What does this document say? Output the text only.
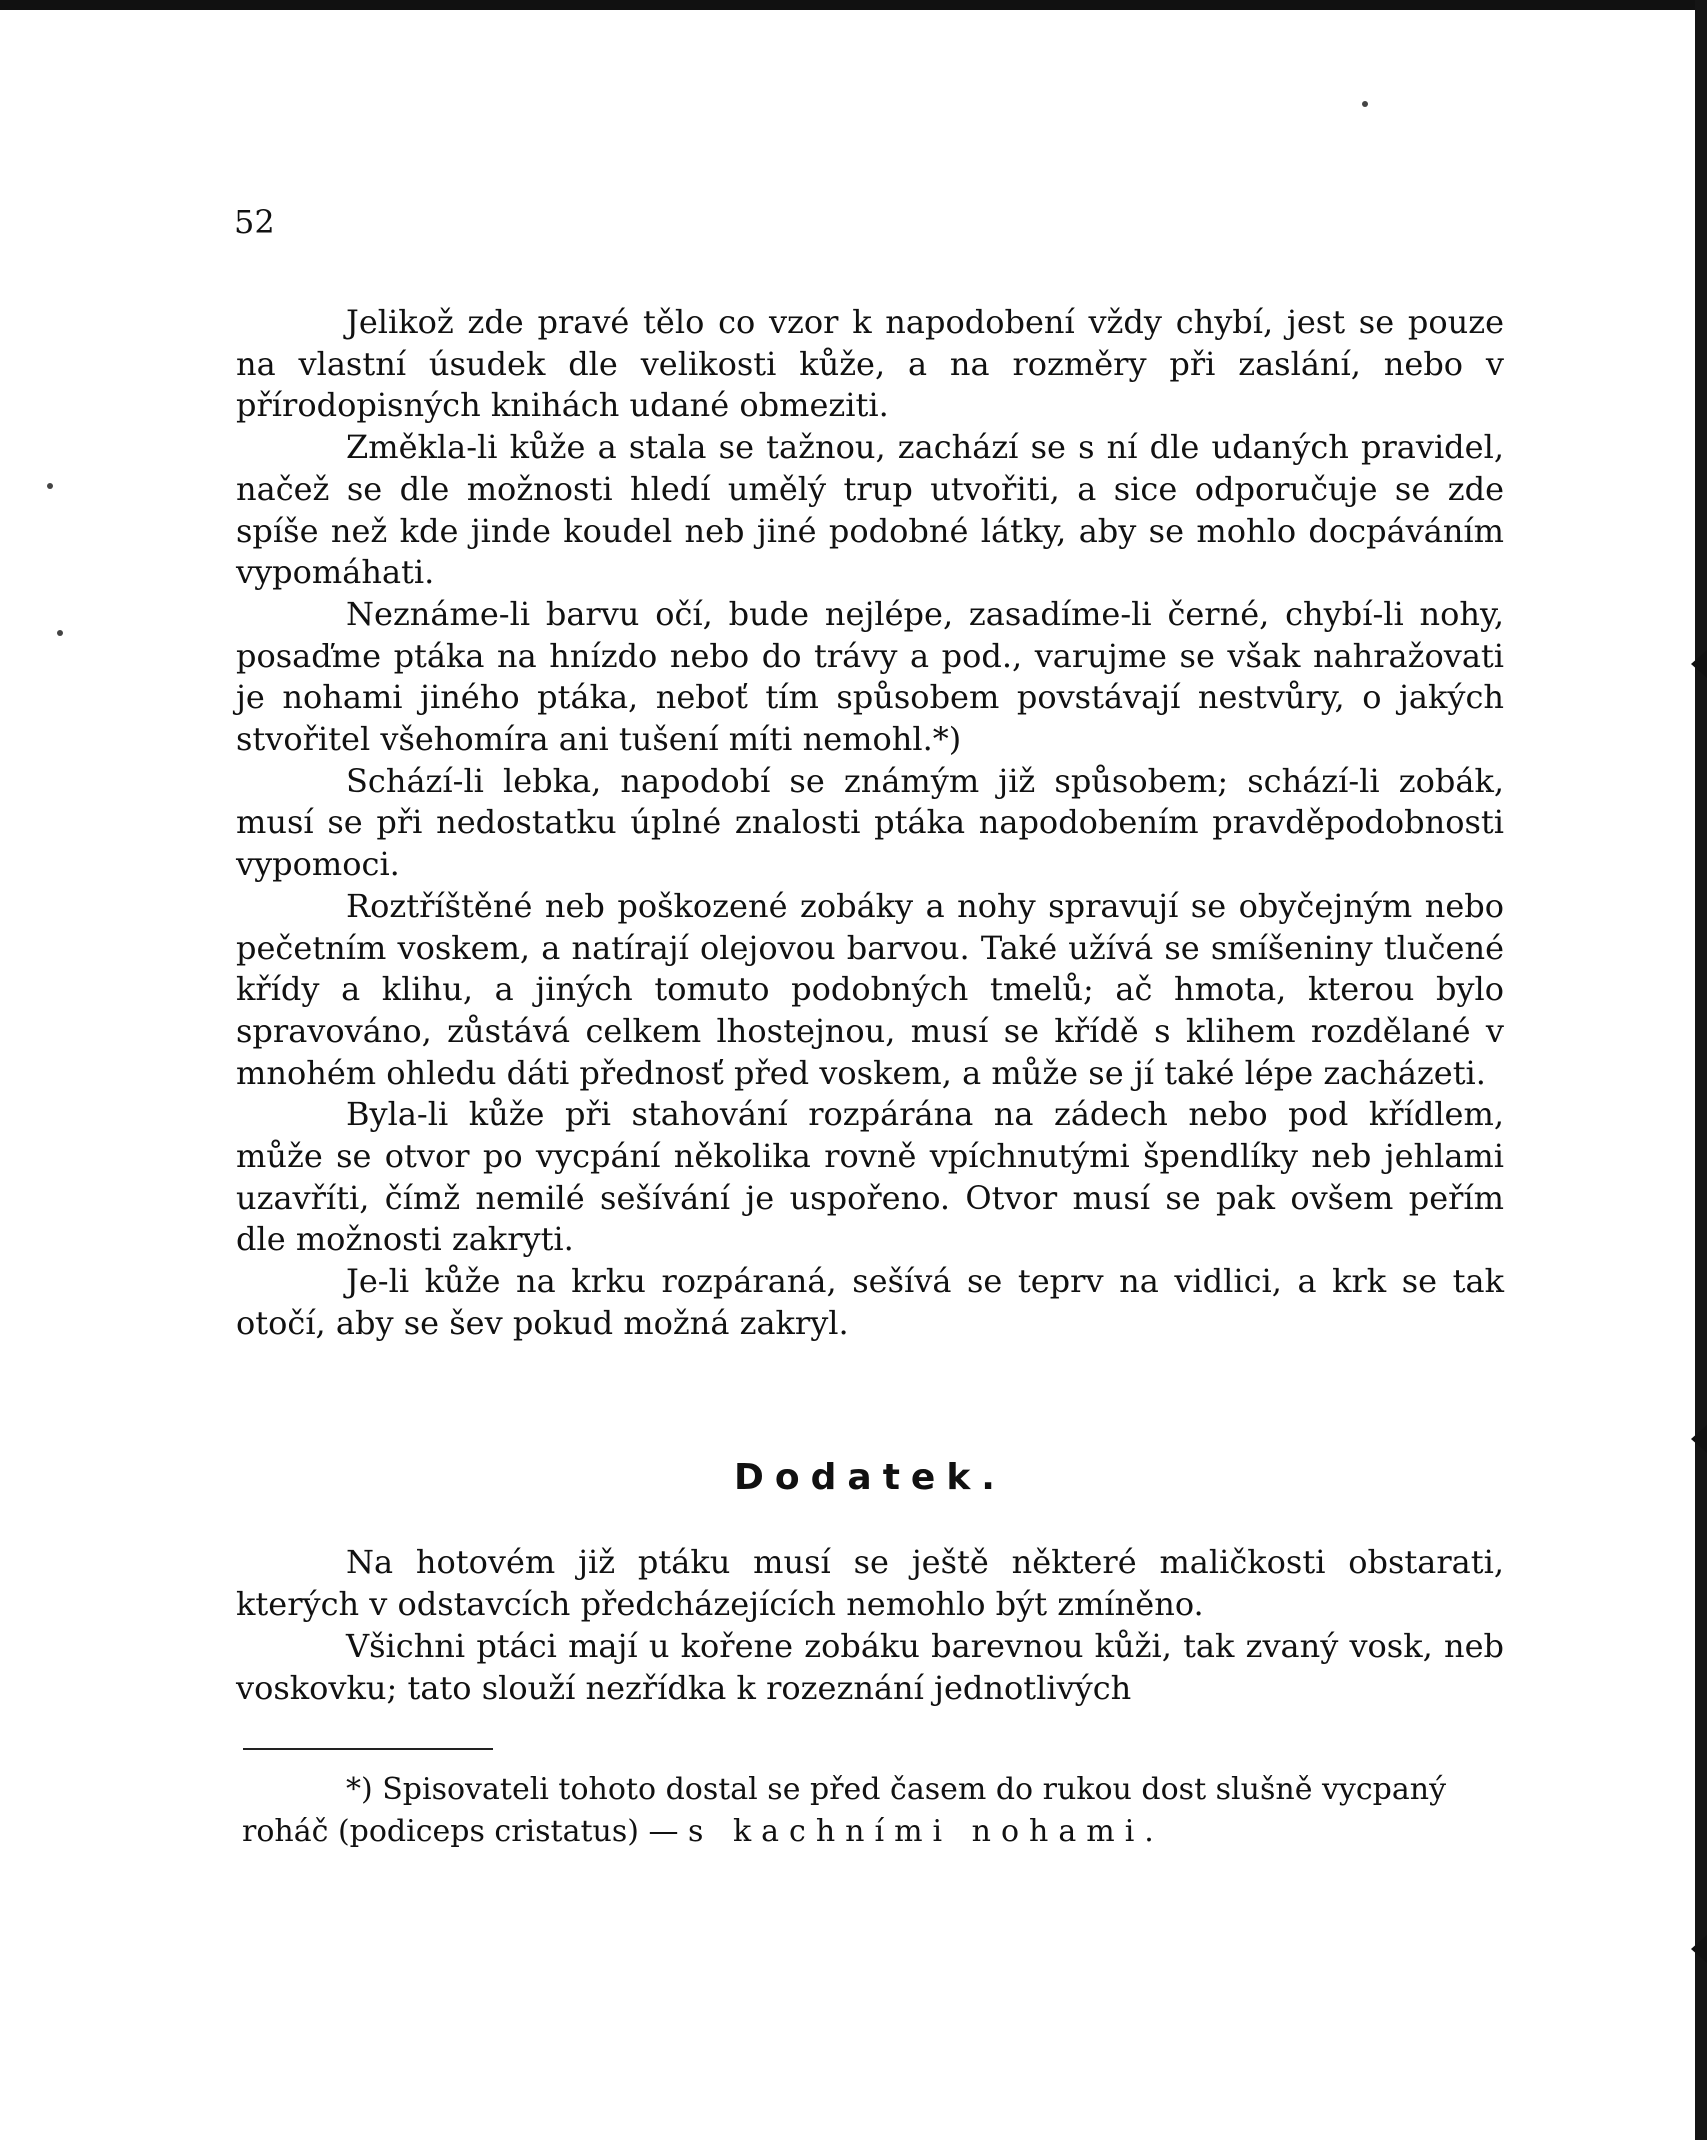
52

Jelikož zde pravé tělo co vzor k napodobení vždy chybí, jest se pouze na vlastní úsudek dle velikosti kůže, a na rozměry při zaslání, nebo v přírodopisných knihách udané obmeziti.

Změkla-li kůže a stala se tažnou, zachází se s ní dle udaných pravidel, načež se dle možnosti hledí umělý trup utvořiti, a sice odporučuje se zde spíše než kde jinde koudel neb jiné podobné látky, aby se mohlo docpáváním vypomáhati.

Neznáme-li barvu očí, bude nejlépe, zasadíme-li černé, chybí-li nohy, posaďme ptáka na hnízdo nebo do trávy a pod., varujme se však nahražovati je nohami jiného ptáka, neboť tím spůsobem povstávají nestvůry, o jakých stvořitel všehomíra ani tušení míti nemohl.*)

Schází-li lebka, napodobí se známým již spůsobem; schází-li zobák, musí se při nedostatku úplné znalosti ptáka napodobením pravděpodobnosti vypomoci.

Roztříštěné neb poškozené zobáky a nohy spravují se obyčejným nebo pečetním voskem, a natírají olejovou barvou. Také užívá se smíšeniny tlučené křídy a klihu, a jiných tomuto podobných tmelů; ač hmota, kterou bylo spravováno, zůstává celkem lhostejnou, musí se křídě s klihem rozdělané v mnohém ohledu dáti přednosť před voskem, a může se jí také lépe zacházeti.

Byla-li kůže při stahování rozpárána na zádech nebo pod křídlem, může se otvor po vycpání několika rovně vpíchnutými špendlíky neb jehlami uzavříti, čímž nemilé sešívání je uspořeno. Otvor musí se pak ovšem peřím dle možnosti zakryti.

Je-li kůže na krku rozpáraná, sešívá se teprv na vidlici, a krk se tak otočí, aby se šev pokud možná zakryl.

Dodatek.

Na hotovém již ptáku musí se ještě některé maličkosti obstarati, kterých v odstavcích předcházejících nemohlo být zmíněno.

Všichni ptáci mají u kořene zobáku barevnou kůži, tak zvaný vosk, neb voskovku; tato slouží nezřídka k rozeznání jednotlivých

*) Spisovateli tohoto dostal se před časem do rukou dost slušně vycpaný roháč (podiceps cristatus) — s kachními nohami.
